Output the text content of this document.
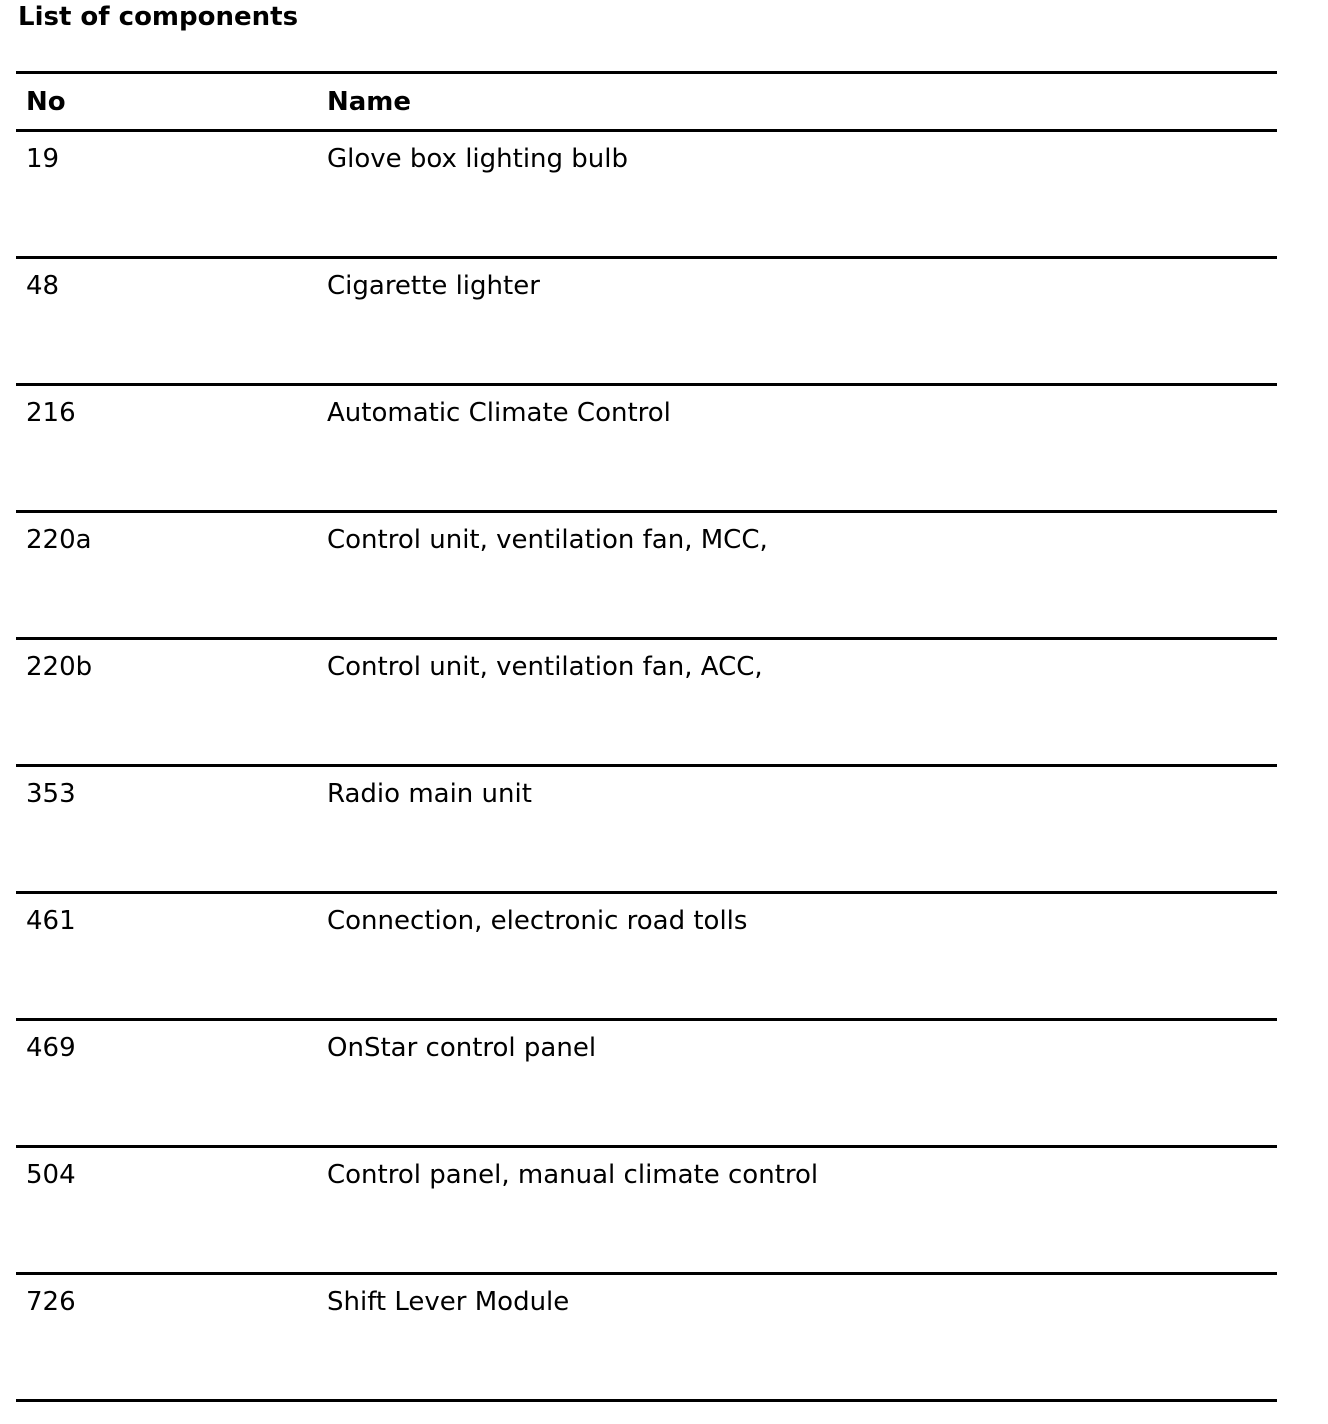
List of components
No	Name
19	Glove box lighting bulb
48	Cigarette lighter
216	Automatic Climate Control
220a	Control unit, ventilation fan, MCC,
220b	Control unit, ventilation fan, ACC,
353	Radio main unit
461	Connection, electronic road tolls
469	OnStar control panel
504	Control panel, manual climate control
726	Shift Lever Module
